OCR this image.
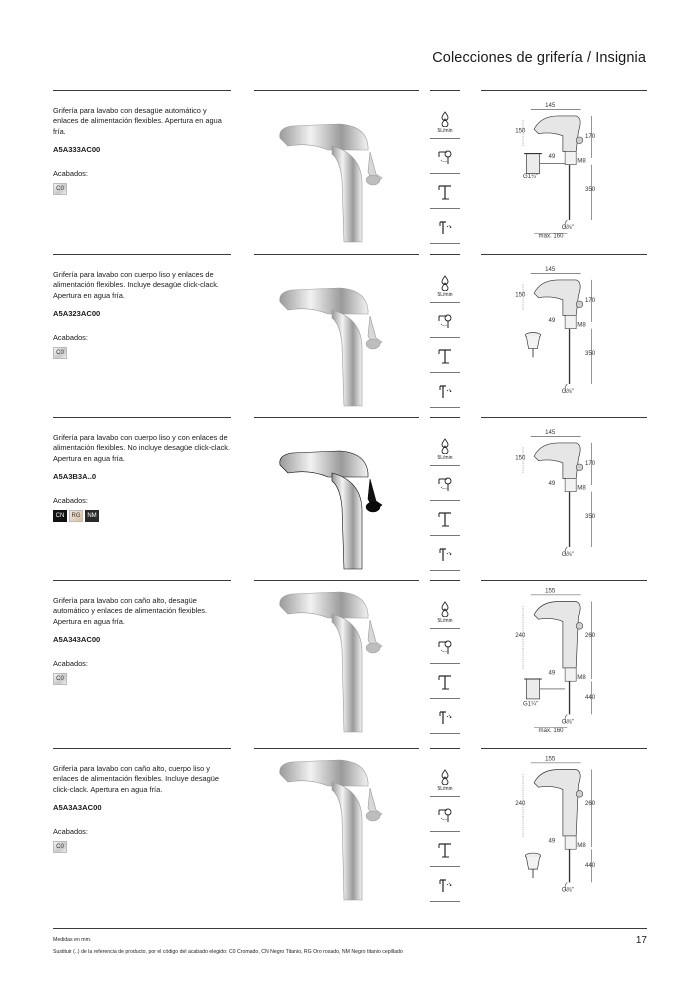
Colecciones de grifería / Insignia
Grifería para lavabo con desagüe automático y enlaces de alimentación flexibles. Apertura en agua fría.
A5A333AC00
Acabados:
C0
5L/min
145
170
150
49
M8
350
G⅜"
G1¼"
max. 160
Grifería para lavabo con cuerpo liso y enlaces de alimentación flexibles. Incluye desagüe click-clack. Apertura en agua fría.
A5A323AC00
Acabados:
C0
5L/min
145
170
150
49
M8
350
G⅜"
Grifería para lavabo con cuerpo liso y con enlaces de alimentación flexibles. No incluye desagüe click-clack. Apertura en agua fría.
A5A3B3A..0
Acabados:
CN	RG	NM
5L/min
145
170
150
49
M8
350
G⅜"
Grifería para lavabo con caño alto, desagüe automático y enlaces de alimentación flexibles. Apertura en agua fría.
A5A343AC00
Acabados:
C0
5L/min
155
260
240
49
M8
440
G⅜"
G1¼"
max. 160
Grifería para lavabo con caño alto, cuerpo liso y enlaces de alimentación flexibles. Incluye desagüe click-clack. Apertura en agua fría.
A5A3A3AC00
Acabados:
C0
5L/min
155
260
240
49
M8
440
G⅜"
Medidas en mm.
Sustituir (..) de la referencia de producto, por el código del acabado elegido: C0 Cromado, CN Negro Titanio, RG Oro rosado, NM Negro titanio cepillado
17
